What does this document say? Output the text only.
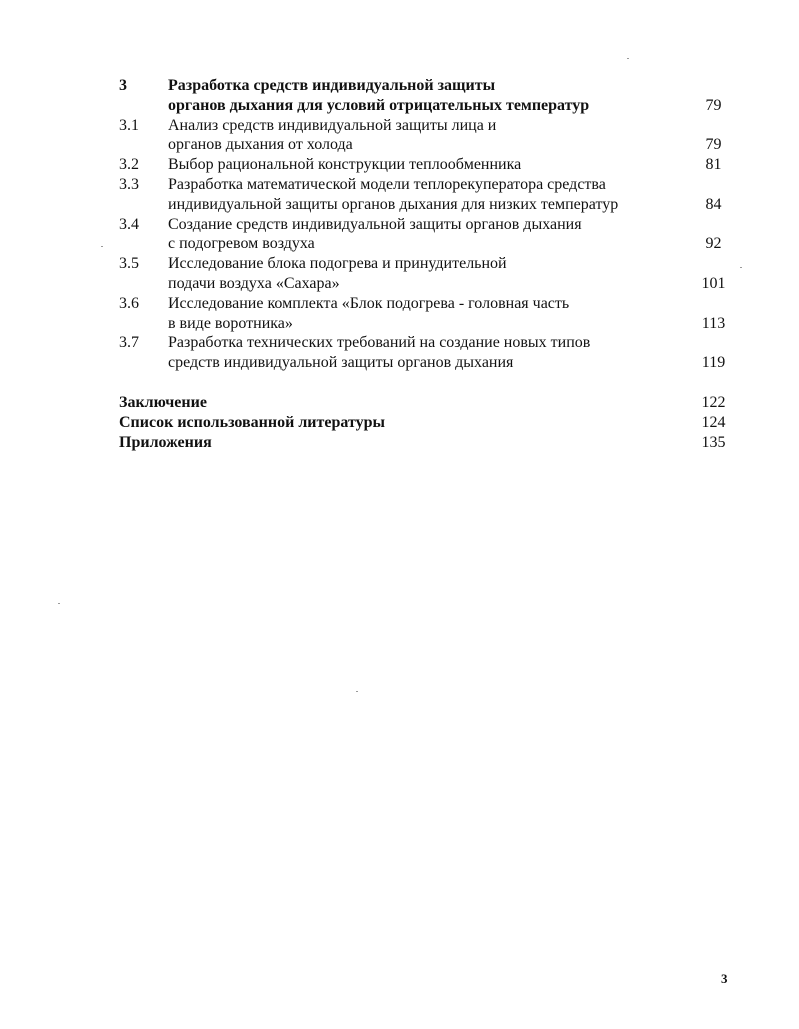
3	Разработка средств индивидуальной защиты
органов дыхания для условий отрицательных температур	79
3.1 Анализ средств индивидуальной защиты лица и
органов дыхания от холода	79
3.2 Выбор рациональной конструкции теплообменника	81
3.3 Разработка математической модели теплорекуператора средства
индивидуальной защиты органов дыхания для низких температур	84
3.4 Создание средств индивидуальной защиты органов дыхания
с подогревом воздуха	92
3.5 Исследование блока подогрева и принудительной
подачи воздуха «Сахара»	101
3.6 Исследование комплекта «Блок подогрева - головная часть
в виде воротника»	113
3.7 Разработка технических требований на создание новых типов
средств индивидуальной защиты органов дыхания	119
Заключение	122
Список использованной литературы	124
Приложения	135
3
